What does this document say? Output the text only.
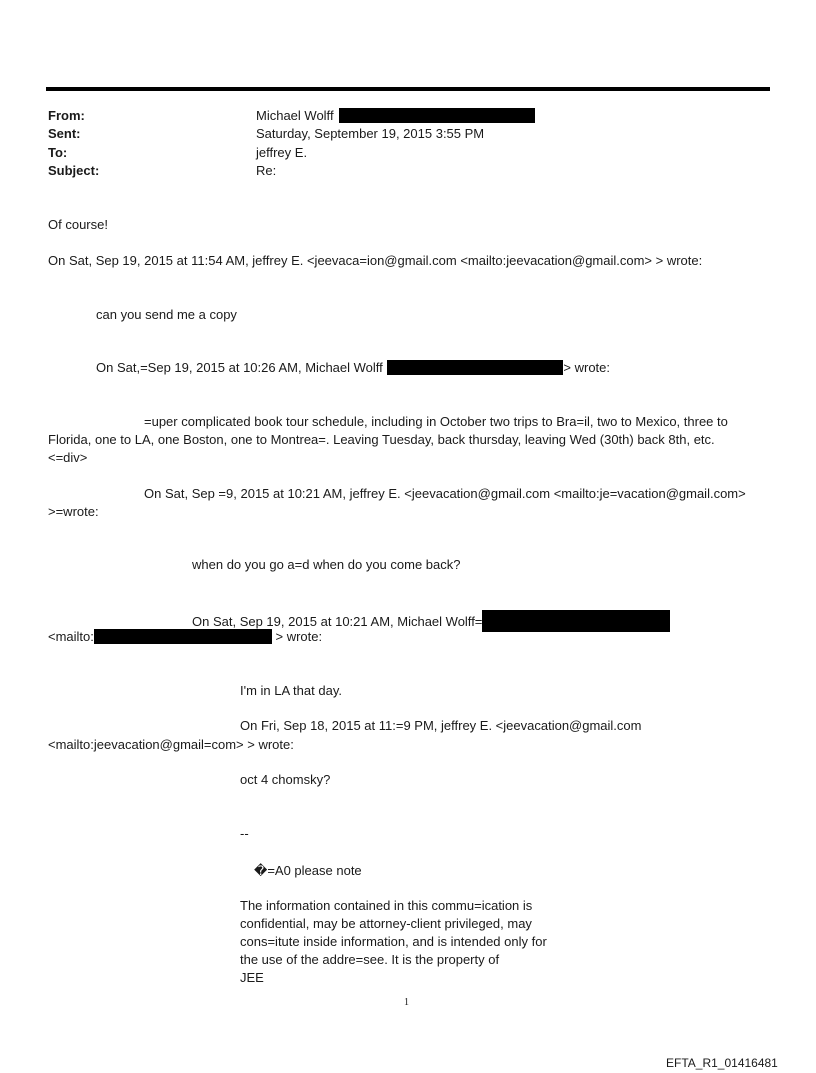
From:	Michael Wolff
Sent:	Saturday, September 19, 2015 3:55 PM
To:	jeffrey E.
Subject:	Re:
Of course!
On Sat, Sep 19, 2015 at 11:54 AM, jeffrey E. <jeevaca=ion@gmail.com <mailto:jeevacation@gmail.com> > wrote:
can you send me a copy
On Sat,=Sep 19, 2015 at 10:26 AM, Michael Wolff	> wrote:
=uper complicated book tour schedule, including in October two trips to Bra=il, two to Mexico, three to
Florida, one to LA, one Boston, one to Montrea=. Leaving Tuesday, back thursday, leaving Wed (30th) back 8th, etc.
<=div>
On Sat, Sep =9, 2015 at 10:21 AM, jeffrey E. <jeevacation@gmail.com <mailto:je=vacation@gmail.com>
>=wrote:
when do you go a=d when do you come back?
On Sat, Sep 19, 2015 at 10:21 AM, Michael Wolff=
<mailto:	> wrote:
I'm in LA that day.
On Fri, Sep 18, 2015 at 11:=9 PM, jeffrey E. <jeevacation@gmail.com
<mailto:jeevacation@gmail=com> > wrote:
oct 4 chomsky?
--
�=A0 please note
The information contained in this commu=ication is
confidential, may be attorney-client privileged, may
cons=itute inside information, and is intended only for
the use of the addre=see. It is the property of
JEE
1
EFTA_R1_01416481
